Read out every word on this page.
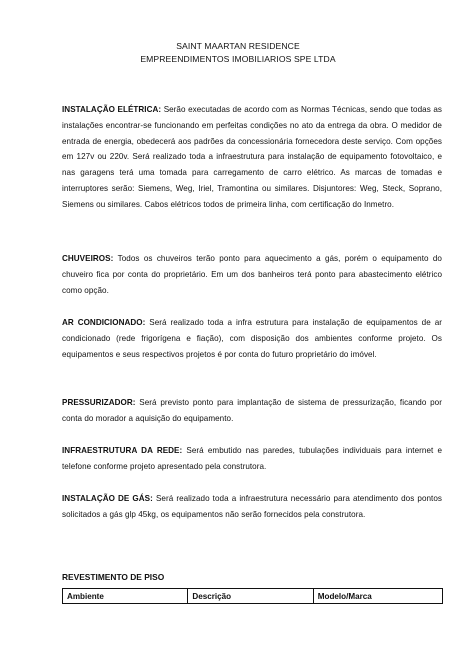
SAINT MAARTAN RESIDENCE
EMPREENDIMENTOS IMOBILIARIOS SPE LTDA
INSTALAÇÃO ELÉTRICA: Serão executadas de acordo com as Normas Técnicas, sendo que todas as instalações encontrar-se funcionando em perfeitas condições no ato da entrega da obra. O medidor de entrada de energia, obedecerá aos padrões da concessionária fornecedora deste serviço. Com opções em 127v ou 220v. Será realizado toda a infraestrutura para instalação de equipamento fotovoltaico, e nas garagens terá uma tomada para carregamento de carro elétrico. As marcas de tomadas e interruptores serão: Siemens, Weg, Iriel, Tramontina ou similares. Disjuntores: Weg, Steck, Soprano, Siemens ou similares. Cabos elétricos todos de primeira linha, com certificação do Inmetro.
CHUVEIROS: Todos os chuveiros terão ponto para aquecimento a gás, porém o equipamento do chuveiro fica por conta do proprietário. Em um dos banheiros terá ponto para abastecimento elétrico como opção.
AR CONDICIONADO: Será realizado toda a infra estrutura para instalação de equipamentos de ar condicionado (rede frigorígena e fiação), com disposição dos ambientes conforme projeto. Os equipamentos e seus respectivos projetos é por conta do futuro proprietário do imóvel.
PRESSURIZADOR: Será previsto ponto para implantação de sistema de pressurização, ficando por conta do morador a aquisição do equipamento.
INFRAESTRUTURA DA REDE: Será embutido nas paredes, tubulações individuais para internet e telefone conforme projeto apresentado pela construtora.
INSTALAÇÃO DE GÁS: Será realizado toda a infraestrutura necessário para atendimento dos pontos solicitados a gás glp 45kg, os equipamentos não serão fornecidos pela construtora.
REVESTIMENTO DE PISO
Ambiente	Descrição	Modelo/Marca
